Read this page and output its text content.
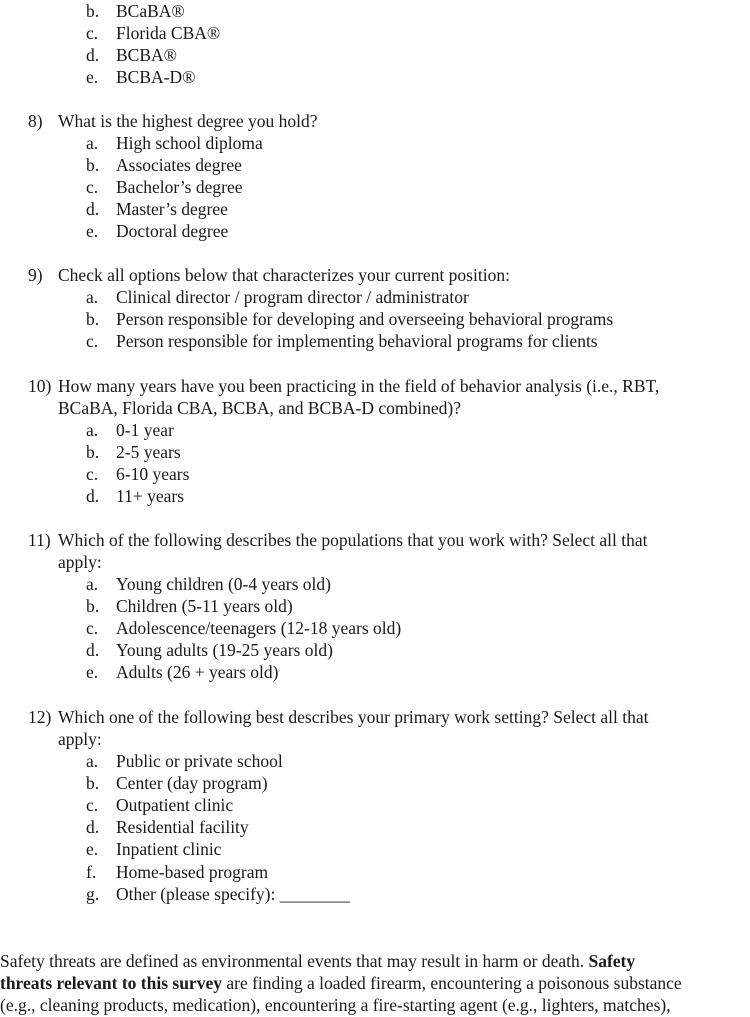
b. BCaBA®
c.	Florida CBA®
d. BCBA®
e.	BCBA-D®
8) What is the highest degree you hold?
a.	High school diploma
b. Associates degree
c.	Bachelor’s degree
d. Master’s degree
e.	Doctoral degree
9) Check all options below that characterizes your current position:
a.	Clinical director / program director / administrator
b. Person responsible for developing and overseeing behavioral programs
c.	Person responsible for implementing behavioral programs for clients
10) How many years have you been practicing in the field of behavior analysis (i.e., RBT,
BCaBA, Florida CBA, BCBA, and BCBA-D combined)?
a.	0-1 year
b. 2-5 years
c.	6-10 years
d. 11+ years
11) Which of the following describes the populations that you work with? Select all that
apply:
a.	Young children (0-4 years old)
b. Children (5-11 years old)
c.	Adolescence/teenagers (12-18 years old)
d. Young adults (19-25 years old)
e.	Adults (26 + years old)
12) Which one of the following best describes your primary work setting? Select all that
apply:
a.	Public or private school
b. Center (day program)
c.	Outpatient clinic
d. Residential facility
e.	Inpatient clinic
f.	Home-based program
g. Other (please specify): ________
Safety threats are defined as environmental events that may result in harm or death. Safety
threats relevant to this survey are finding a loaded firearm, encountering a poisonous substance
(e.g., cleaning products, medication), encountering a fire-starting agent (e.g., lighters, matches),
